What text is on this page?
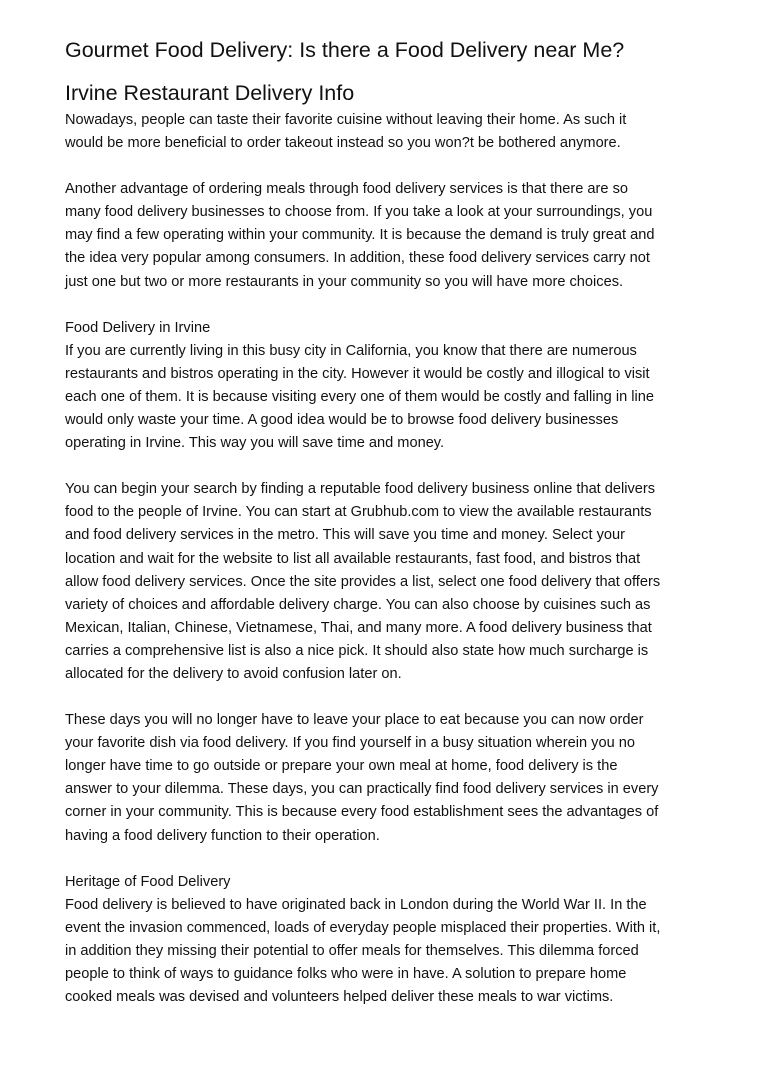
Gourmet Food Delivery: Is there a Food Delivery near Me?
Irvine Restaurant Delivery Info

Nowadays, people can taste their favorite cuisine without leaving their home. As such it
would be more beneficial to order takeout instead so you won?t be bothered anymore.

Another advantage of ordering meals through food delivery services is that there are so
many food delivery businesses to choose from. If you take a look at your surroundings, you
may find a few operating within your community. It is because the demand is truly great and
the idea very popular among consumers. In addition, these food delivery services carry not
just one but two or more restaurants in your community so you will have more choices.

Food Delivery in Irvine
If you are currently living in this busy city in California, you know that there are numerous
restaurants and bistros operating in the city. However it would be costly and illogical to visit
each one of them. It is because visiting every one of them would be costly and falling in line
would only waste your time. A good idea would be to browse food delivery businesses
operating in Irvine. This way you will save time and money.

You can begin your search by finding a reputable food delivery business online that delivers
food to the people of Irvine. You can start at Grubhub.com to view the available restaurants
and food delivery services in the metro. This will save you time and money. Select your
location and wait for the website to list all available restaurants, fast food, and bistros that
allow food delivery services. Once the site provides a list, select one food delivery that offers
variety of choices and affordable delivery charge. You can also choose by cuisines such as
Mexican, Italian, Chinese, Vietnamese, Thai, and many more. A food delivery business that
carries a comprehensive list is also a nice pick. It should also state how much surcharge is
allocated for the delivery to avoid confusion later on.

These days you will no longer have to leave your place to eat because you can now order
your favorite dish via food delivery. If you find yourself in a busy situation wherein you no
longer have time to go outside or prepare your own meal at home, food delivery is the
answer to your dilemma. These days, you can practically find food delivery services in every
corner in your community. This is because every food establishment sees the advantages of
having a food delivery function to their operation.

Heritage of Food Delivery
Food delivery is believed to have originated back in London during the World War II. In the
event the invasion commenced, loads of everyday people misplaced their properties. With it,
in addition they missing their potential to offer meals for themselves. This dilemma forced
people to think of ways to guidance folks who were in have. A solution to prepare home
cooked meals was devised and volunteers helped deliver these meals to war victims.
